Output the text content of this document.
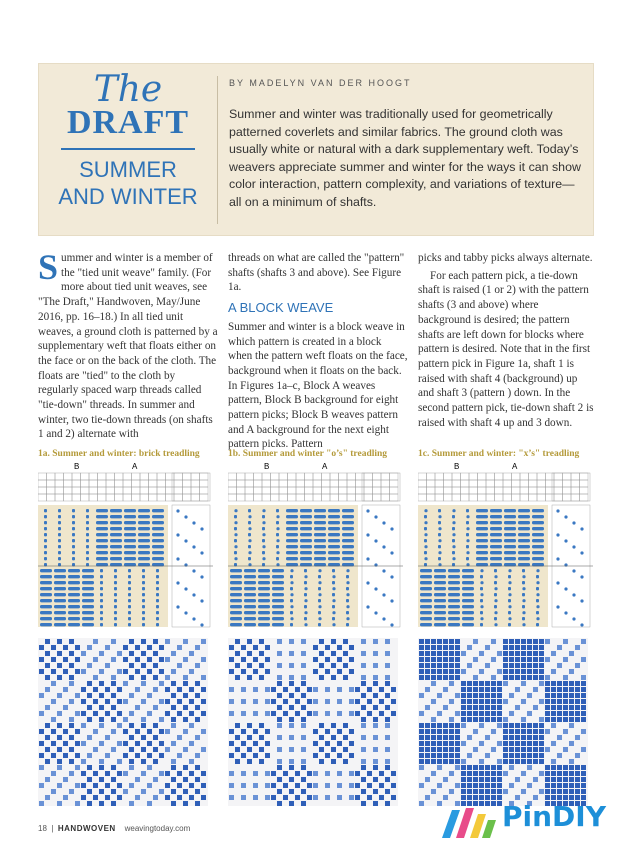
The
DRAFT
SUMMER
AND WINTER
BY MADELYN VAN DER HOOGT
Summer and winter was traditionally used for geometrically patterned coverlets and similar fabrics. The ground cloth was usually white or natural with a dark supplementary weft. Today’s weavers appreciate summer and winter for the ways it can show color interaction, pattern complexity, and variations of texture—all on a minimum of shafts.

Summer and winter is a member of the "tied unit weave" family. (For more about tied unit weaves, see "The Draft," Handwoven, May/June 2016, pp. 16–18.) In all tied unit weaves, a ground cloth is patterned by a supplementary weft that floats either on the face or on the back of the cloth. The floats are "tied" to the cloth by regularly spaced warp threads called "tie-down" threads. In summer and winter, two tie-down threads (on shafts 1 and 2) alternate with

threads on what are called the "pattern" shafts (shafts 3 and above). See Figure 1a.

A BLOCK WEAVE

Summer and winter is a block weave in which pattern is created in a block when the pattern weft floats on the face, background when it floats on the back. In Figures 1a–c, Block A weaves pattern, Block B background for eight pattern picks; Block B weaves pattern and A background for the next eight pattern picks. Pattern

picks and tabby picks always alternate.

For each pattern pick, a tie-down shaft is raised (1 or 2) with the pattern shafts (3 and above) where background is desired; the pattern shafts are left down for blocks where pattern is desired. Note that in the first pattern pick in Figure 1a, shaft 1 is raised with shaft 4 (background) up and shaft 3 (pattern ) down. In the second pattern pick, tie-down shaft 2 is raised with shaft 4 up and 3 down.

1a. Summer and winter: brick treadling
B	A
1b. Summer and winter "o’s" treadling
B	A
1c. Summer and winter: "x’s" treadling
B	A
18  |  HANDWOVEN weavingtoday.com	PinDIY
